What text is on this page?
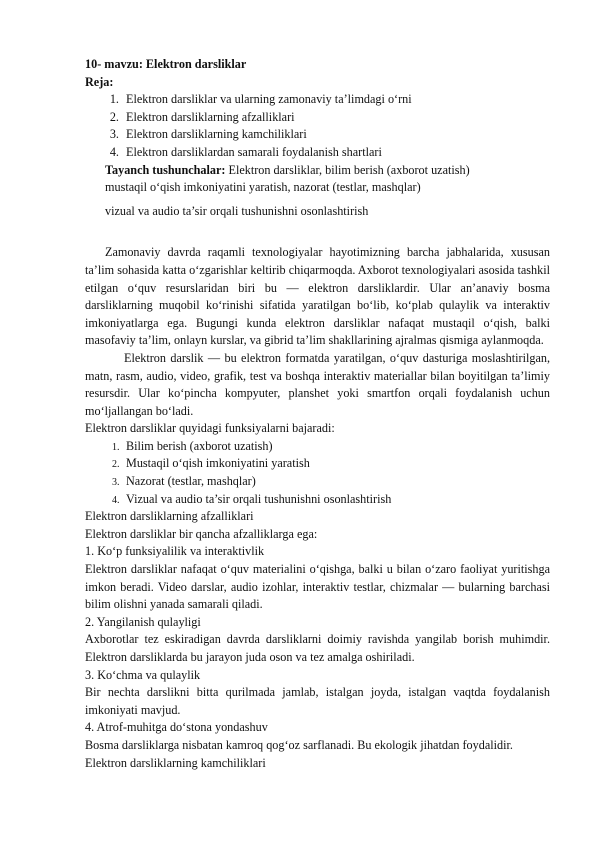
10- mavzu: Elektron darsliklar

Reja:

1. Elektron darsliklar va ularning zamonaviy ta’limdagi o‘rni
2. Elektron darsliklarning afzalliklari
3. Elektron darsliklarning kamchiliklari
4. Elektron darsliklardan samarali foydalanish shartlari
Tayanch tushunchalar: Elektron darsliklar, bilim berish (axborot uzatish)
mustaqil o‘qish imkoniyatini yaratish, nazorat (testlar, mashqlar)
vizual va audio ta’sir orqali tushunishni osonlashtirish

Zamonaviy davrda raqamli texnologiyalar hayotimizning barcha jabhalarida, xususan ta’lim sohasida katta o‘zgarishlar keltirib chiqarmoqda. Axborot texnologiyalari asosida tashkil etilgan o‘quv resurslaridan biri bu — elektron darsliklardir. Ular an’anaviy bosma darsliklarning muqobil ko‘rinishi sifatida yaratilgan bo‘lib, ko‘plab qulaylik va interaktiv imkoniyatlarga ega. Bugungi kunda elektron darsliklar nafaqat mustaqil o‘qish, balki masofaviy ta’lim, onlayn kurslar, va gibrid ta’lim shakllarining ajralmas qismiga aylanmoqda.

Elektron darslik — bu elektron formatda yaratilgan, o‘quv dasturiga moslashtirilgan, matn, rasm, audio, video, grafik, test va boshqa interaktiv materiallar bilan boyitilgan ta’limiy resursdir. Ular ko‘pincha kompyuter, planshet yoki smartfon orqali foydalanish uchun mo‘ljallangan bo‘ladi.

Elektron darsliklar quyidagi funksiyalarni bajaradi:

1. Bilim berish (axborot uzatish)
2. Mustaqil o‘qish imkoniyatini yaratish
3. Nazorat (testlar, mashqlar)
4. Vizual va audio ta’sir orqali tushunishni osonlashtirish

Elektron darsliklarning afzalliklari

Elektron darsliklar bir qancha afzalliklarga ega:

1. Ko‘p funksiyalilik va interaktivlik

Elektron darsliklar nafaqat o‘quv materialini o‘qishga, balki u bilan o‘zaro faoliyat yuritishga imkon beradi. Video darslar, audio izohlar, interaktiv testlar, chizmalar — bularning barchasi bilim olishni yanada samarali qiladi.

2. Yangilanish qulayligi

Axborotlar tez eskiradigan davrda darsliklarni doimiy ravishda yangilab borish muhimdir. Elektron darsliklarda bu jarayon juda oson va tez amalga oshiriladi.

3. Ko‘chma va qulaylik

Bir nechta darslikni bitta qurilmada jamlab, istalgan joyda, istalgan vaqtda foydalanish imkoniyati mavjud.

4. Atrof-muhitga do‘stona yondashuv

Bosma darsliklarga nisbatan kamroq qog‘oz sarflanadi. Bu ekologik jihatdan foydalidir.

Elektron darsliklarning kamchiliklari
